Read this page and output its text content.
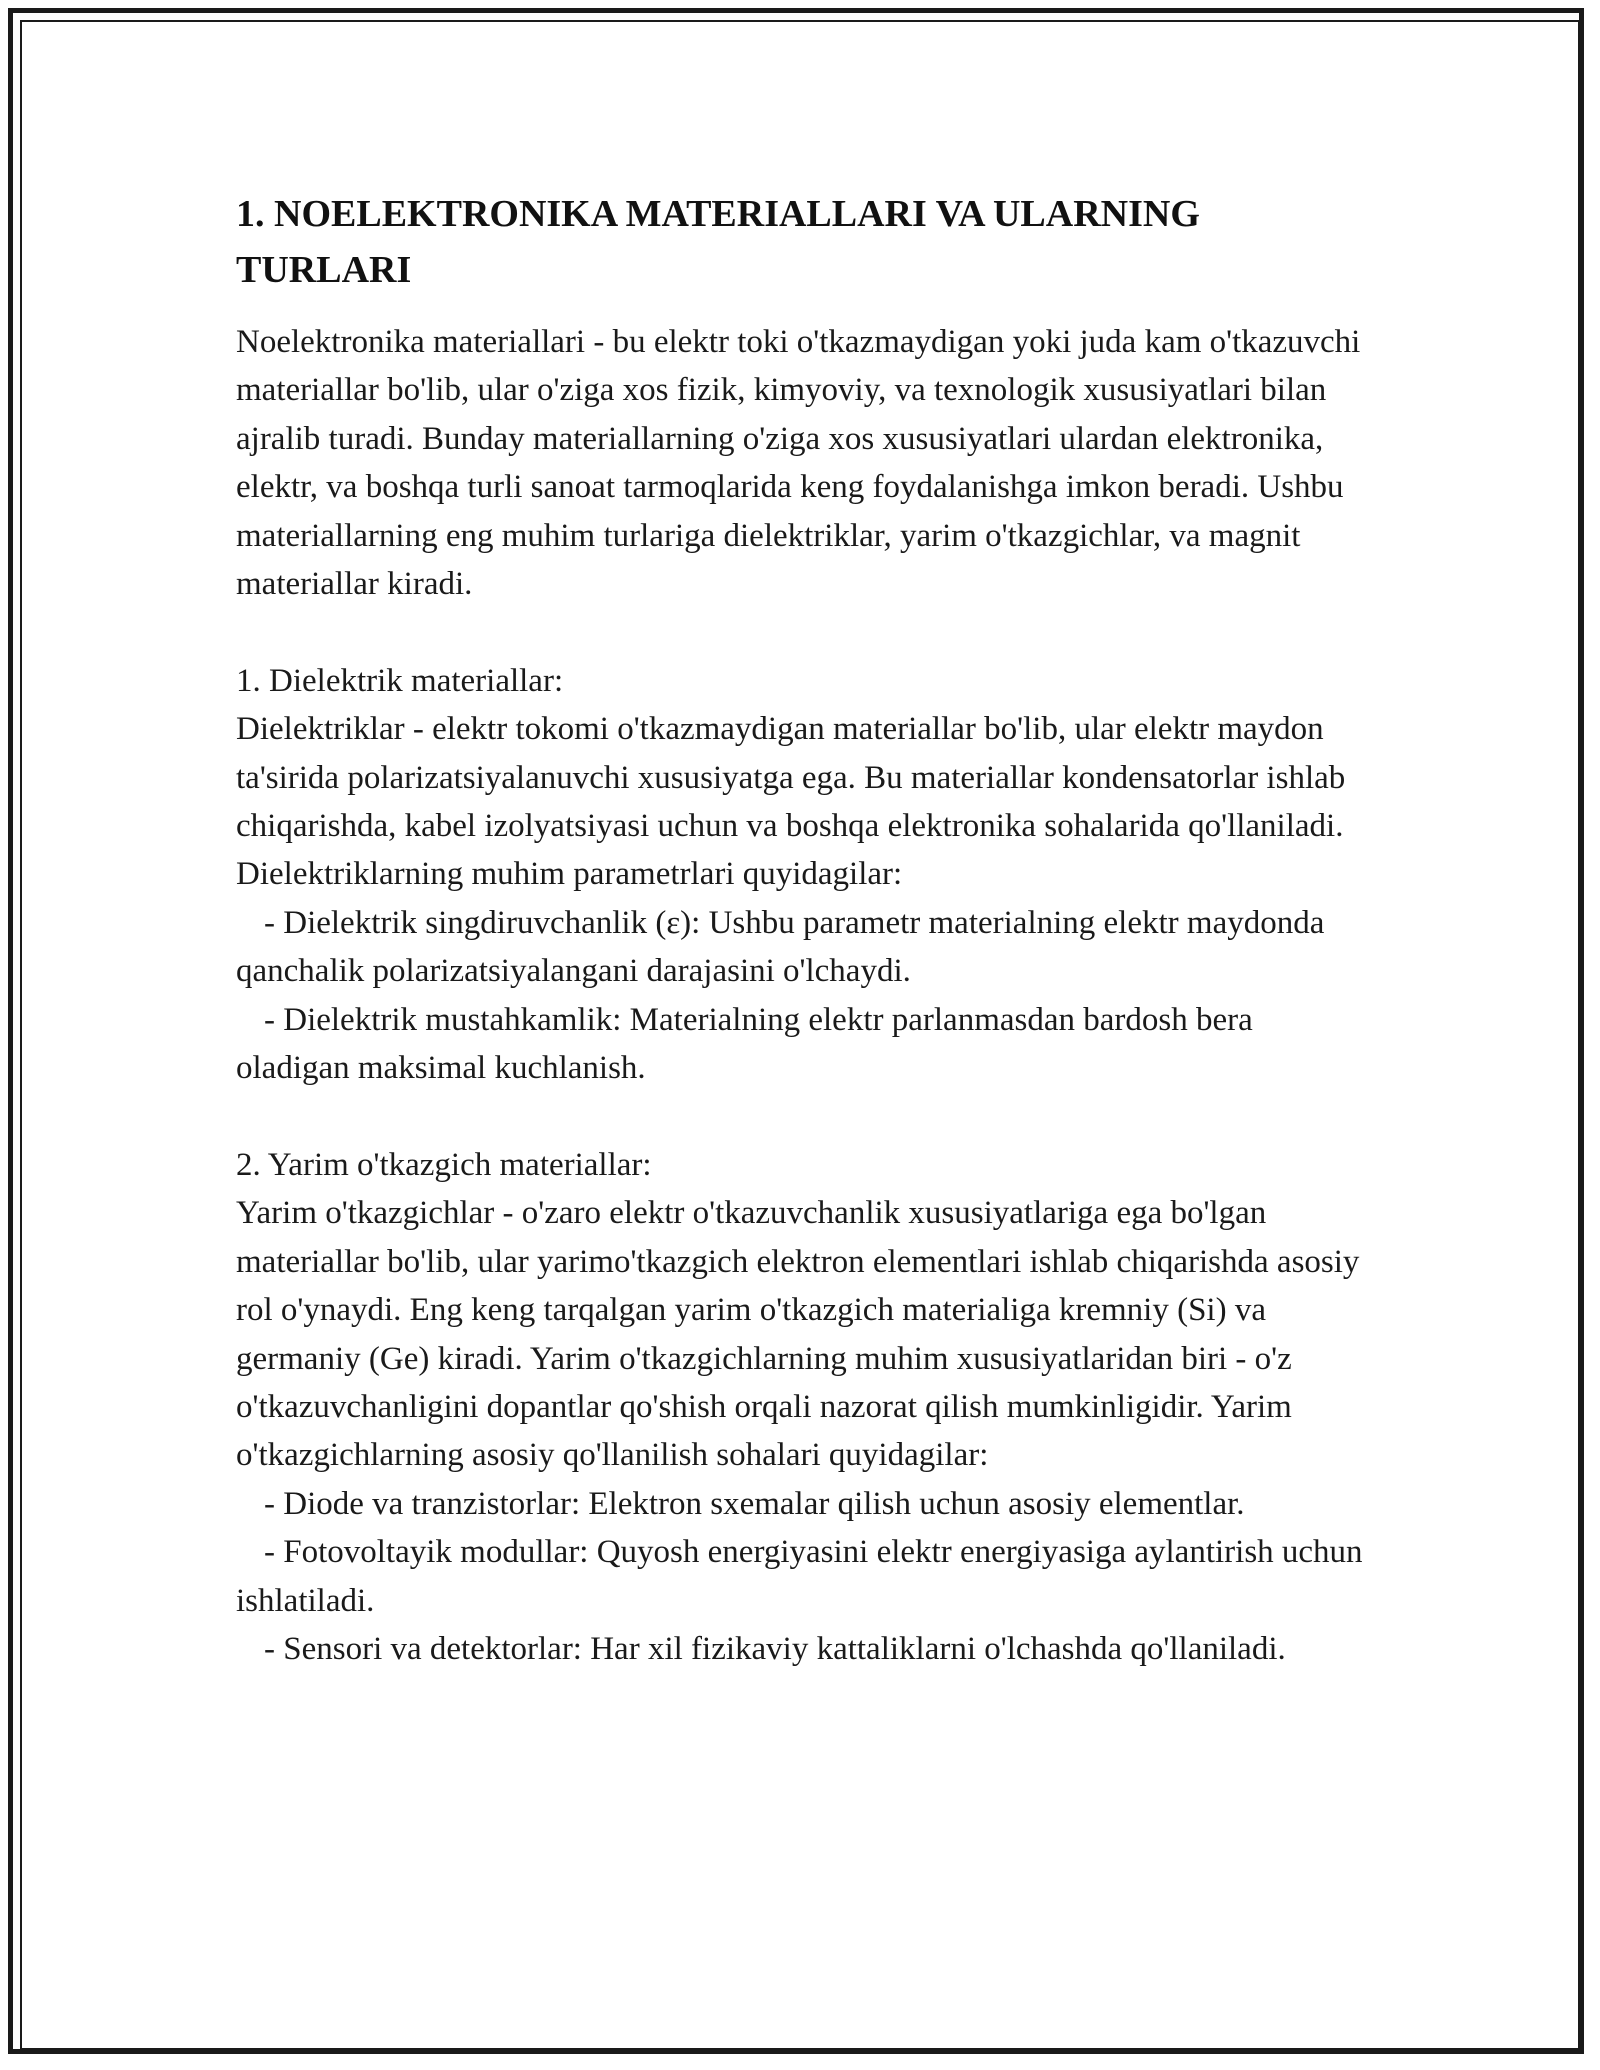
1. NOELEKTRONIKA MATERIALLARI VA ULARNING TURLARI

Noelektronika materiallari - bu elektr toki o'tkazmaydigan yoki juda kam o'tkazuvchi materiallar bo'lib, ular o'ziga xos fizik, kimyoviy, va texnologik xususiyatlari bilan ajralib turadi. Bunday materiallarning o'ziga xos xususiyatlari ulardan elektronika, elektr, va boshqa turli sanoat tarmoqlarida keng foydalanishga imkon beradi. Ushbu materiallarning eng muhim turlariga dielektriklar, yarim o'tkazgichlar, va magnit materiallar kiradi.

1. Dielektrik materiallar:

Dielektriklar - elektr tokomi o'tkazmaydigan materiallar bo'lib, ular elektr maydon ta'sirida polarizatsiyalanuvchi xususiyatga ega. Bu materiallar kondensatorlar ishlab chiqarishda, kabel izolyatsiyasi uchun va boshqa elektronika sohalarida qo'llaniladi. Dielektriklarning muhim parametrlari quyidagilar:

- Dielektrik singdiruvchanlik (ε): Ushbu parametr materialning elektr maydonda qanchalik polarizatsiyalangani darajasini o'lchaydi.

- Dielektrik mustahkamlik: Materialning elektr parlanmasdan bardosh bera oladigan maksimal kuchlanish.

2. Yarim o'tkazgich materiallar:

Yarim o'tkazgichlar - o'zaro elektr o'tkazuvchanlik xususiyatlariga ega bo'lgan materiallar bo'lib, ular yarimo'tkazgich elektron elementlari ishlab chiqarishda asosiy rol o'ynaydi. Eng keng tarqalgan yarim o'tkazgich materialiga kremniy (Si) va germaniy (Ge) kiradi. Yarim o'tkazgichlarning muhim xususiyatlaridan biri - o'z o'tkazuvchanligini dopantlar qo'shish orqali nazorat qilish mumkinligidir. Yarim o'tkazgichlarning asosiy qo'llanilish sohalari quyidagilar:

- Diode va tranzistorlar: Elektron sxemalar qilish uchun asosiy elementlar.

- Fotovoltayik modullar: Quyosh energiyasini elektr energiyasiga aylantirish uchun ishlatiladi.

- Sensori va detektorlar: Har xil fizikaviy kattaliklarni o'lchashda qo'llaniladi.
